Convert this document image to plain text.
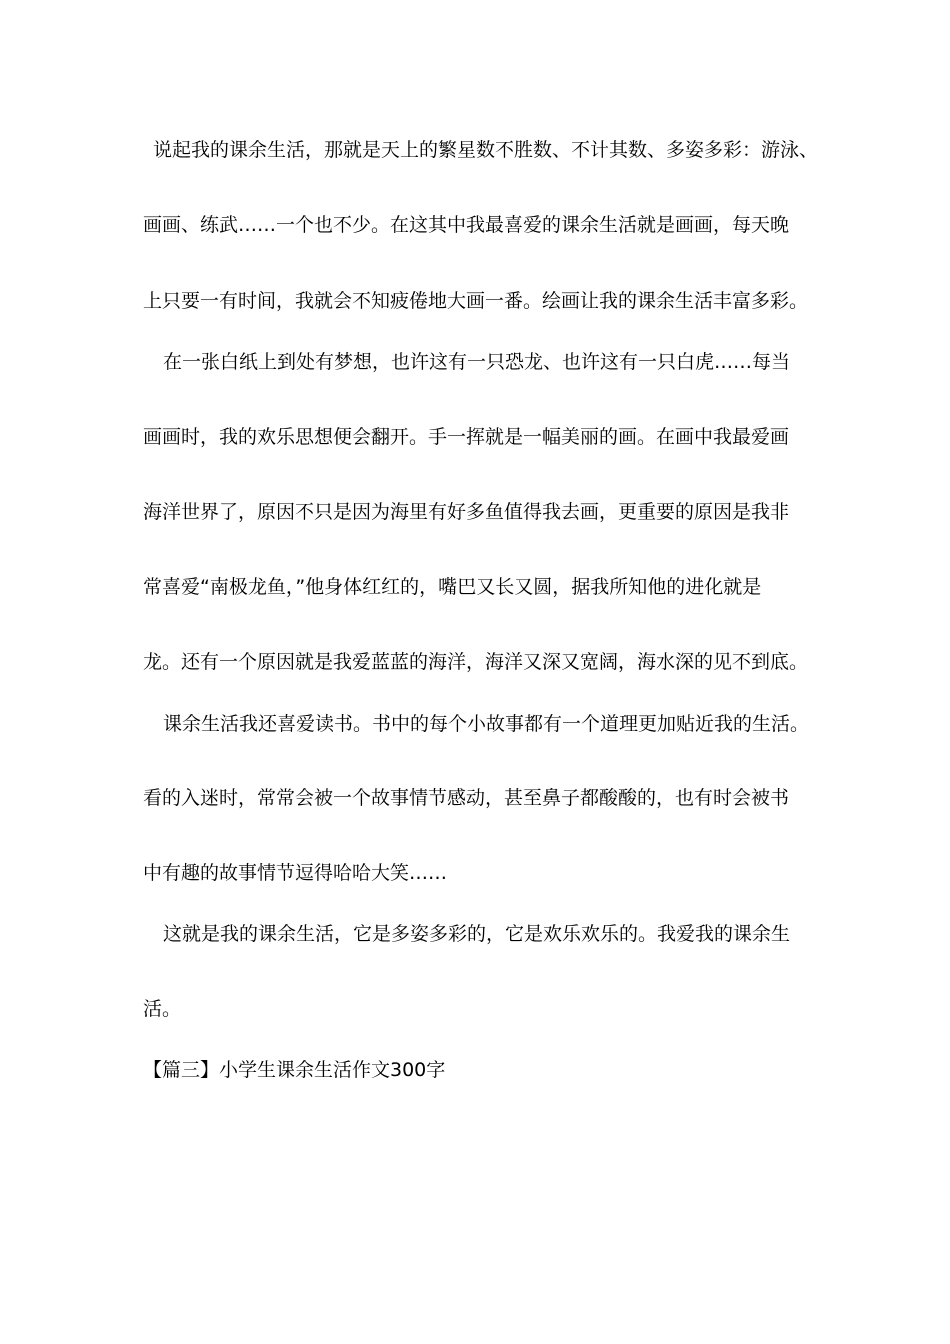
说起我的课余生活，那就是天上的繁星数不胜数、不计其数、多姿多彩：游泳、
画画、练武……一个也不少。在这其中我最喜爱的课余生活就是画画，每天晚
上只要一有时间，我就会不知疲倦地大画一番。绘画让我的课余生活丰富多彩。
在一张白纸上到处有梦想，也许这有一只恐龙、也许这有一只白虎……每当
画画时，我的欢乐思想便会翻开。手一挥就是一幅美丽的画。在画中我最爱画
海洋世界了，原因不只是因为海里有好多鱼值得我去画，更重要的原因是我非
常喜爱“南极龙鱼，”他身体红红的，嘴巴又长又圆，据我所知他的进化就是
龙。还有一个原因就是我爱蓝蓝的海洋，海洋又深又宽阔，海水深的见不到底。
课余生活我还喜爱读书。书中的每个小故事都有一个道理更加贴近我的生活。
看的入迷时，常常会被一个故事情节感动，甚至鼻子都酸酸的，也有时会被书
中有趣的故事情节逗得哈哈大笑……
这就是我的课余生活，它是多姿多彩的，它是欢乐欢乐的。我爱我的课余生
活。
【篇三】小学生课余生活作文300字
